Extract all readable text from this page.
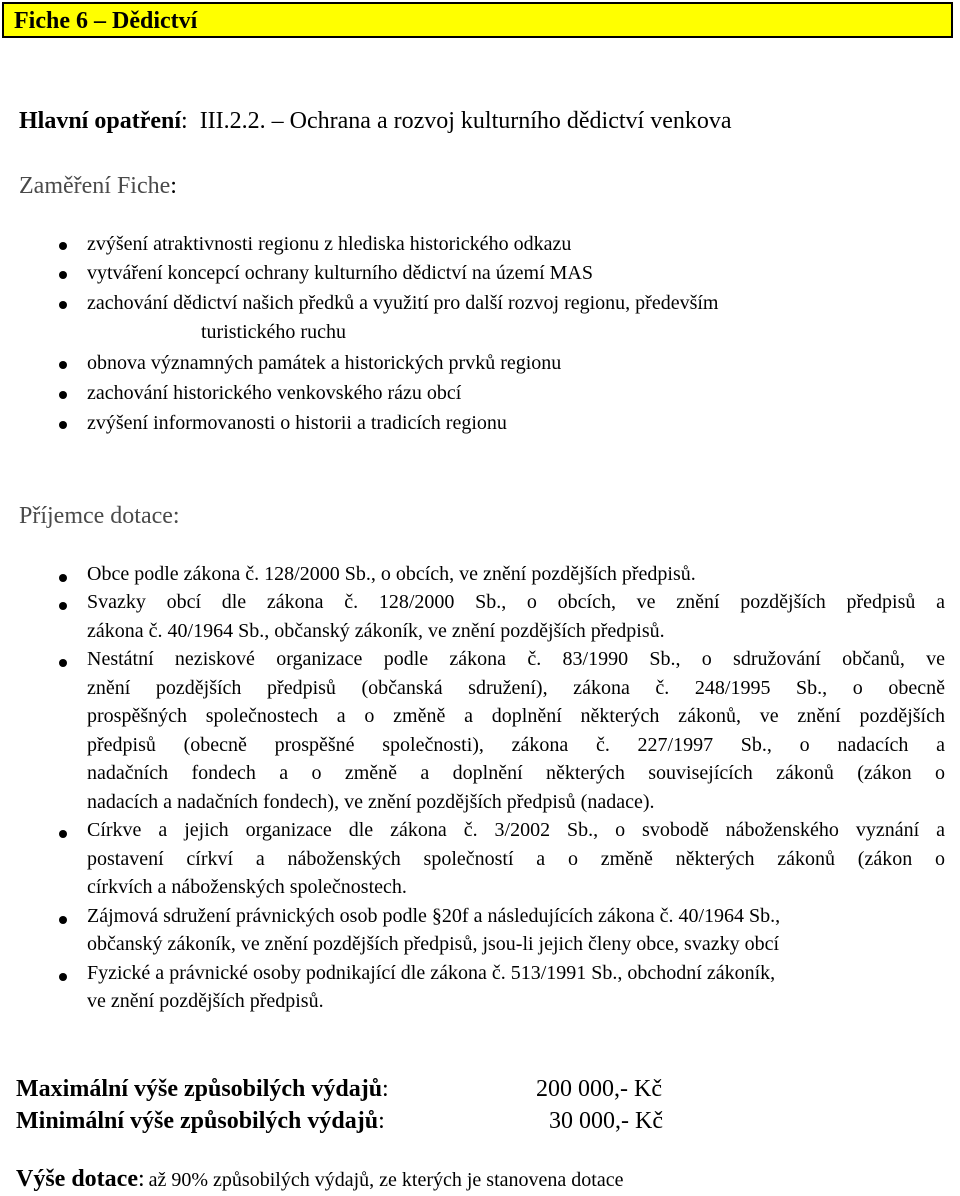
Fiche 6 – Dědictví
Hlavní opatření: III.2.2. – Ochrana a rozvoj kulturního dědictví venkova
Zaměření Fiche:
zvýšení atraktivnosti regionu z hlediska historického odkazu
vytváření koncepcí ochrany kulturního dědictví na území MAS
zachování dědictví našich předků a využití pro další rozvoj regionu, především
turistického ruchu
obnova významných památek a historických prvků regionu
zachování historického venkovského rázu obcí
zvýšení informovanosti o historii a tradicích regionu
Příjemce dotace:
Obce podle zákona č. 128/2000 Sb., o obcích, ve znění pozdějších předpisů.
Svazky obcí dle zákona č. 128/2000 Sb., o obcích, ve znění pozdějších předpisů a
zákona č. 40/1964 Sb., občanský zákoník, ve znění pozdějších předpisů.
Nestátní neziskové organizace podle zákona č. 83/1990 Sb., o sdružování občanů, ve
znění pozdějších předpisů (občanská sdružení), zákona č. 248/1995 Sb., o obecně
prospěšných společnostech a o změně a doplnění některých zákonů, ve znění pozdějších
předpisů (obecně prospěšné společnosti), zákona č. 227/1997 Sb., o nadacích a
nadačních fondech a o změně a doplnění některých souvisejících zákonů (zákon o
nadacích a nadačních fondech), ve znění pozdějších předpisů (nadace).
Církve a jejich organizace dle zákona č. 3/2002 Sb., o svobodě náboženského vyznání a
postavení církví a náboženských společností a o změně některých zákonů (zákon o
církvích a náboženských společnostech.
Zájmová sdružení právnických osob podle §20f a následujících zákona č. 40/1964 Sb.,
občanský zákoník, ve znění pozdějších předpisů, jsou-li jejich členy obce, svazky obcí
Fyzické a právnické osoby podnikající dle zákona č. 513/1991 Sb., obchodní zákoník,
ve znění pozdějších předpisů.
Maximální výše způsobilých výdajů:	200 000,- Kč
Minimální výše způsobilých výdajů:	30 000,- Kč
Výše dotace: až 90% způsobilých výdajů, ze kterých je stanovena dotace
